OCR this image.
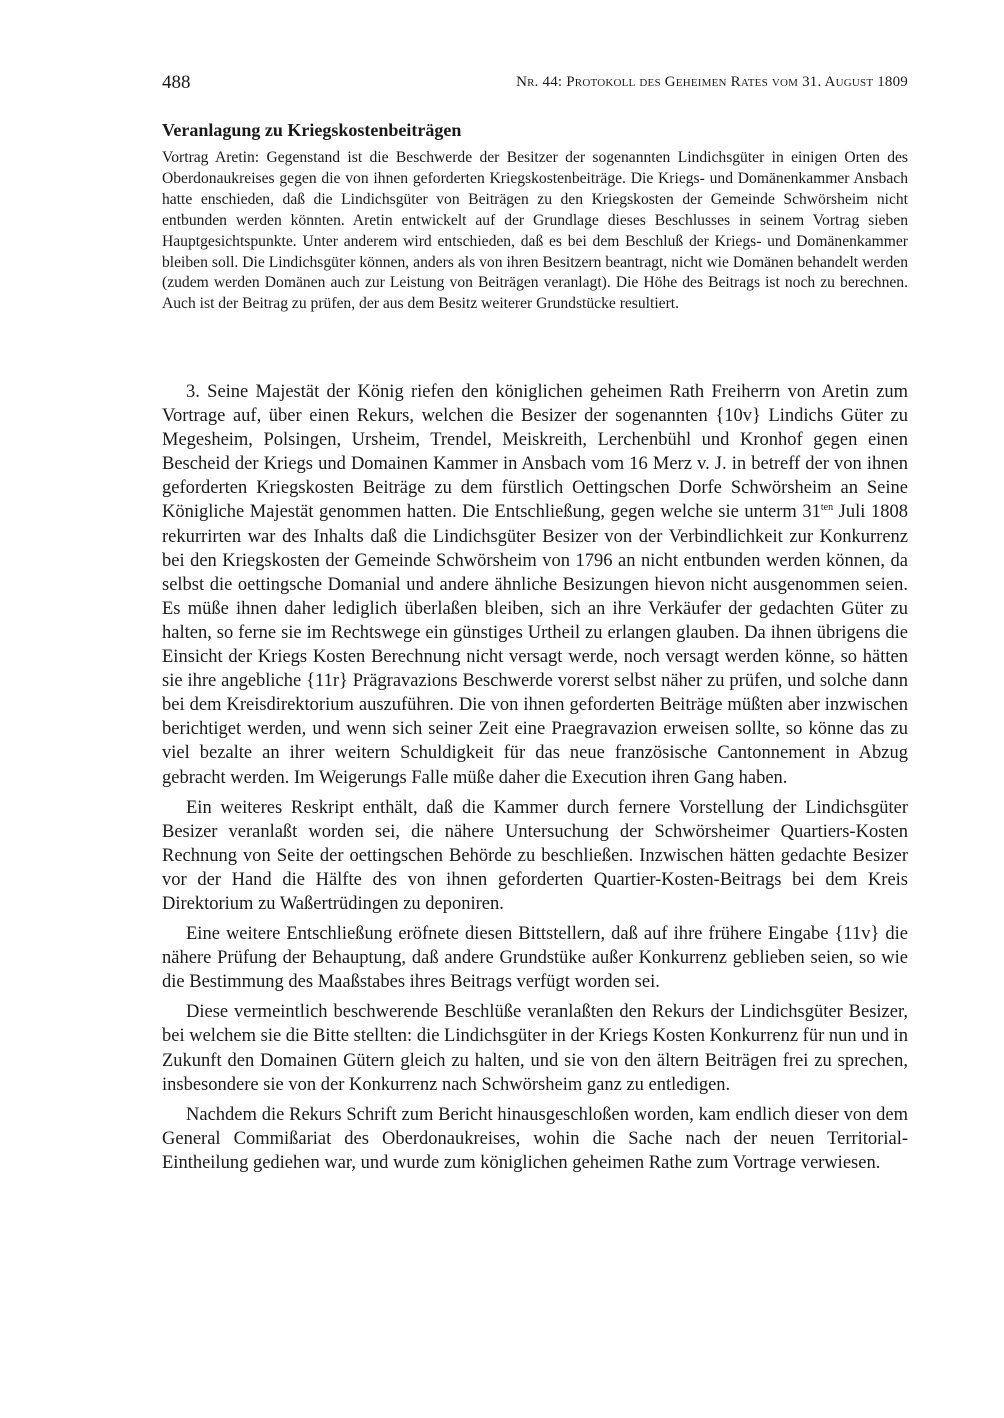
488	Nr. 44: Protokoll des Geheimen Rates vom 31. August 1809
Veranlagung zu Kriegskostenbeiträgen

Vortrag Aretin: Gegenstand ist die Beschwerde der Besitzer der sogenannten Lindichsgüter in einigen Orten des Oberdonaukreises gegen die von ihnen geforderten Kriegskostenbeiträge. Die Kriegs- und Domänenkammer Ansbach hatte enschieden, daß die Lindichsgüter von Beiträgen zu den Kriegskosten der Gemeinde Schwörsheim nicht entbunden werden könnten. Aretin entwickelt auf der Grundlage dieses Beschlusses in seinem Vortrag sieben Hauptgesichtspunkte. Unter anderem wird entschieden, daß es bei dem Beschluß der Kriegs- und Domänenkammer bleiben soll. Die Lindichsgüter können, anders als von ihren Besitzern beantragt, nicht wie Domänen behandelt werden (zudem werden Domänen auch zur Leistung von Beiträgen veranlagt). Die Höhe des Beitrags ist noch zu berechnen. Auch ist der Beitrag zu prüfen, der aus dem Besitz weiterer Grundstücke resultiert.

3. Seine Majestät der König riefen den königlichen geheimen Rath Freiherrn von Aretin zum Vortrage auf, über einen Rekurs, welchen die Besizer der sogenannten {10v} Lindichs Güter zu Megesheim, Polsingen, Ursheim, Trendel, Meiskreith, Lerchenbühl und Kronhof gegen einen Bescheid der Kriegs und Domainen Kammer in Ansbach vom 16 Merz v. J. in betreff der von ihnen geforderten Kriegskosten Beiträge zu dem fürstlich Oettingschen Dorfe Schwörsheim an Seine Königliche Majestät genommen hatten. Die Entschließung, gegen welche sie unterm $31^{ten}$ Juli 1808 rekurrirten war des Inhalts daß die Lindichsgüter Besizer von der Verbindlichkeit zur Konkurrenz bei den Kriegskosten der Gemeinde Schwörsheim von 1796 an nicht entbunden werden können, da selbst die oettingsche Domanial und andere ähnliche Besizungen hievon nicht ausgenommen seien. Es müße ihnen daher lediglich überlaßen bleiben, sich an ihre Verkäufer der gedachten Güter zu halten, so ferne sie im Rechtswege ein günstiges Urtheil zu erlangen glauben. Da ihnen übrigens die Einsicht der Kriegs Kosten Berechnung nicht versagt werde, noch versagt werden könne, so hätten sie ihre angebliche {11r} Prägravazions Beschwerde vorerst selbst näher zu prüfen, und solche dann bei dem Kreisdirektorium auszuführen. Die von ihnen geforderten Beiträge müßten aber inzwischen berichtiget werden, und wenn sich seiner Zeit eine Praegravazion erweisen sollte, so könne das zu viel bezalte an ihrer weitern Schuldigkeit für das neue französische Cantonnement in Abzug gebracht werden. Im Weigerungs Falle müße daher die Execution ihren Gang haben.

Ein weiteres Reskript enthält, daß die Kammer durch fernere Vorstellung der Lindichsgüter Besizer veranlaßt worden sei, die nähere Untersuchung der Schwörsheimer Quartiers-Kosten Rechnung von Seite der oettingschen Behörde zu beschließen. Inzwischen hätten gedachte Besizer vor der Hand die Hälfte des von ihnen geforderten Quartier-Kosten-Beitrags bei dem Kreis Direktorium zu Waßertrüdingen zu deponiren.

Eine weitere Entschließung eröfnete diesen Bittstellern, daß auf ihre frühere Eingabe {11v} die nähere Prüfung der Behauptung, daß andere Grundstüke außer Konkurrenz geblieben seien, so wie die Bestimmung des Maaßstabes ihres Beitrags verfügt worden sei.

Diese vermeintlich beschwerende Beschlüße veranlaßten den Rekurs der Lindichsgüter Besizer, bei welchem sie die Bitte stellten: die Lindichsgüter in der Kriegs Kosten Konkurrenz für nun und in Zukunft den Domainen Gütern gleich zu halten, und sie von den ältern Beiträgen frei zu sprechen, insbesondere sie von der Konkurrenz nach Schwörsheim ganz zu entledigen.

Nachdem die Rekurs Schrift zum Bericht hinausgeschloßen worden, kam endlich dieser von dem General Commißariat des Oberdonaukreises, wohin die Sache nach der neuen Territorial-Eintheilung gediehen war, und wurde zum königlichen geheimen Rathe zum Vortrage verwiesen.
